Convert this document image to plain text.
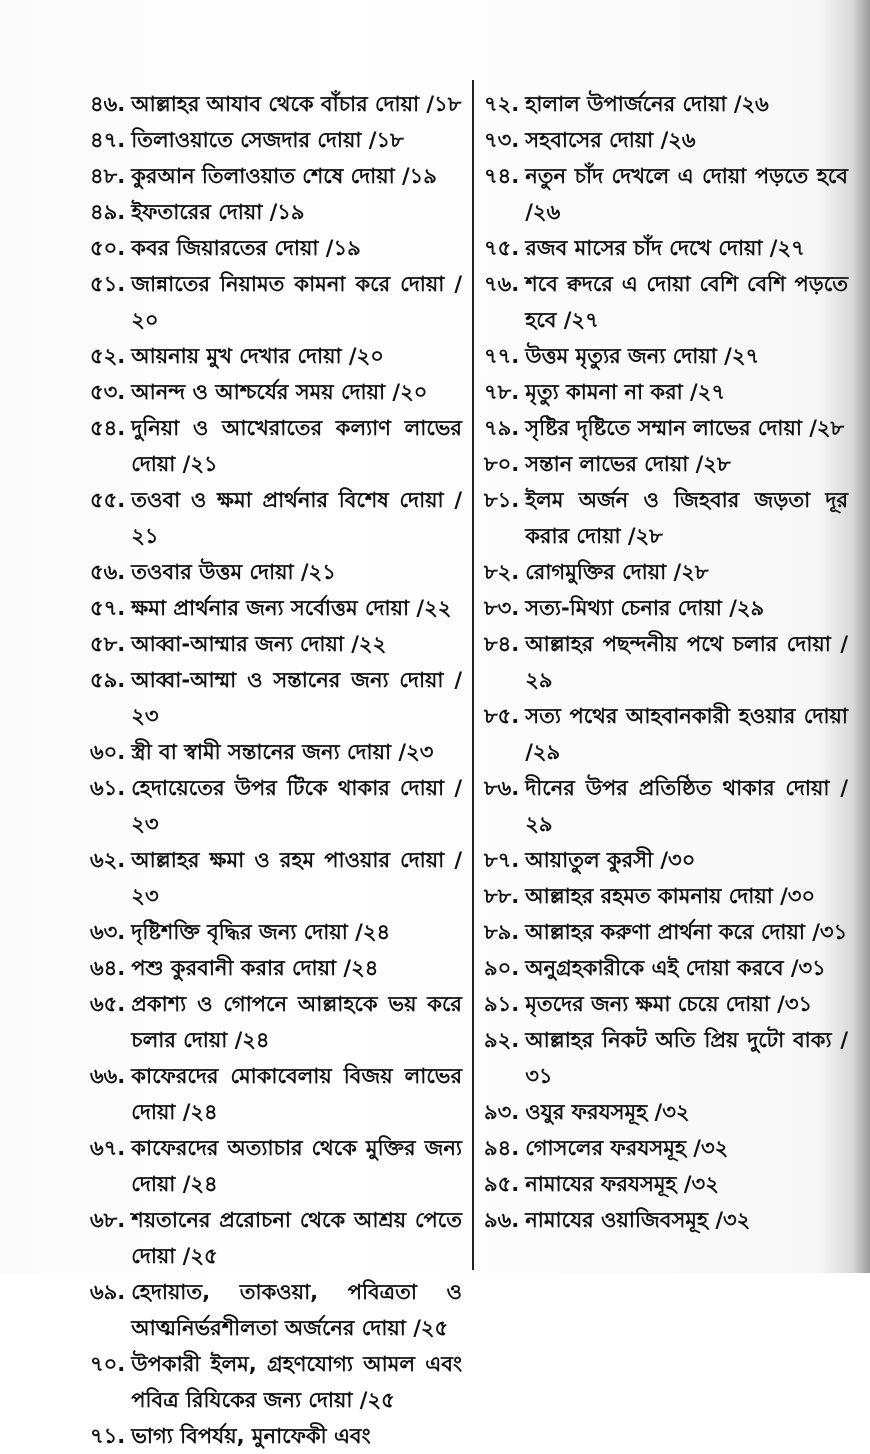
৪৬. আল্লাহর আযাব থেকে বাঁচার দোয়া /১৮
৪৭. তিলাওয়াতে সেজদার দোয়া /১৮
৪৮. কুরআন তিলাওয়াত শেষে দোয়া /১৯
৪৯. ইফতারের দোয়া /১৯
৫০. কবর জিয়ারতের দোয়া /১৯
৫১. জান্নাতের নিয়ামত কামনা করে দোয়া /২০
৫২. আয়নায় মুখ দেখার দোয়া /২০
৫৩. আনন্দ ও আশ্চর্যের সময় দোয়া /২০
৫৪. দুনিয়া ও আখেরাতের কল্যাণ লাভের দোয়া /২১
৫৫. তওবা ও ক্ষমা প্রার্থনার বিশেষ দোয়া /২১
৫৬. তওবার উত্তম দোয়া /২১
৫৭. ক্ষমা প্রার্থনার জন্য সর্বোত্তম দোয়া /২২
৫৮. আব্বা-আম্মার জন্য দোয়া /২২
৫৯. আব্বা-আম্মা ও সন্তানের জন্য দোয়া /২৩
৬০. স্ত্রী বা স্বামী সন্তানের জন্য দোয়া /২৩
৬১. হেদায়েতের উপর টিকে থাকার দোয়া /২৩
৬২. আল্লাহর ক্ষমা ও রহম পাওয়ার দোয়া /২৩
৬৩. দৃষ্টিশক্তি বৃদ্ধির জন্য দোয়া /২৪
৬৪. পশু কুরবানী করার দোয়া /২৪
৬৫. প্রকাশ্য ও গোপনে আল্লাহকে ভয় করে চলার দোয়া /২৪
৬৬. কাফেরদের মোকাবেলায় বিজয় লাভের দোয়া /২৪
৬৭. কাফেরদের অত্যাচার থেকে মুক্তির জন্য দোয়া /২৪
৬৮. শয়তানের প্ররোচনা থেকে আশ্রয় পেতে দোয়া /২৫
৬৯. হেদায়াত, তাকওয়া, পবিত্রতা ও আত্মনির্ভরশীলতা অর্জনের দোয়া /২৫
৭০. উপকারী ইলম, গ্রহণযোগ্য আমল এবং পবিত্র রিযিকের জন্য দোয়া /২৫
৭১. ভাগ্য বিপর্যয়, মুনাফেকী এবং
৭২. হালাল উপার্জনের দোয়া /২৬
৭৩. সহবাসের দোয়া /২৬
৭৪. নতুন চাঁদ দেখলে এ দোয়া পড়তে হবে /২৬
৭৫. রজব মাসের চাঁদ দেখে দোয়া /২৭
৭৬. শবে ক্বদরে এ দোয়া বেশি বেশি পড়তে হবে /২৭
৭৭. উত্তম মৃত্যুর জন্য দোয়া /২৭
৭৮. মৃত্যু কামনা না করা /২৭
৭৯. সৃষ্টির দৃষ্টিতে সম্মান লাভের দোয়া /২৮
৮০. সন্তান লাভের দোয়া /২৮
৮১. ইলম অর্জন ও জিহবার জড়তা দূর করার দোয়া /২৮
৮২. রোগমুক্তির দোয়া /২৮
৮৩. সত্য-মিথ্যা চেনার দোয়া /২৯
৮৪. আল্লাহর পছন্দনীয় পথে চলার দোয়া /২৯
৮৫. সত্য পথের আহবানকারী হওয়ার দোয়া /২৯
৮৬. দীনের উপর প্রতিষ্ঠিত থাকার দোয়া /২৯
৮৭. আয়াতুল কুরসী /৩০
৮৮. আল্লাহর রহমত কামনায় দোয়া /৩০
৮৯. আল্লাহর করুণা প্রার্থনা করে দোয়া /৩১
৯০. অনুগ্রহকারীকে এই দোয়া করবে /৩১
৯১. মৃতদের জন্য ক্ষমা চেয়ে দোয়া /৩১
৯২. আল্লাহর নিকট অতি প্রিয় দুটো বাক্য /৩১
৯৩. ওযুর ফরযসমূহ /৩২
৯৪. গোসলের ফরযসমূহ /৩২
৯৫. নামাযের ফরযসমূহ /৩২
৯৬. নামাযের ওয়াজিবসমূহ /৩২
